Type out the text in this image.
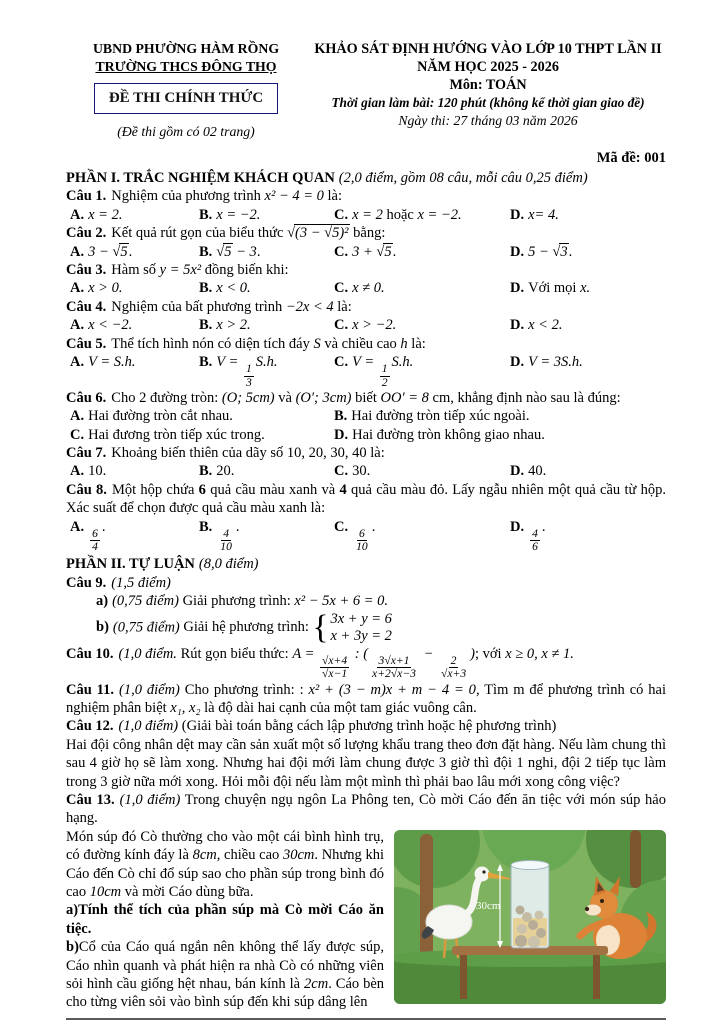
UBND PHƯỜNG HÀM RỒNG
TRƯỜNG THCS ĐÔNG THỌ
ĐỀ THI CHÍNH THỨC
(Đề thi gồm có 02 trang)
KHẢO SÁT ĐỊNH HƯỚNG VÀO LỚP 10 THPT LẦN II
NĂM HỌC 2025 - 2026
Môn: TOÁN
Thời gian làm bài: 120 phút (không kể thời gian giao đề)
Ngày thi: 27 tháng 03 năm 2026
Mã đề: 001

PHẦN I. TRẮC NGHIỆM KHÁCH QUAN (2,0 điểm, gồm 08 câu, mỗi câu 0,25 điểm)

Câu 1. Nghiệm của phương trình x² − 4 = 0 là:

A. x = 2.	B. x = −2.	C. x = 2 hoặc x = −2.	D. x= 4.

Câu 2. Kết quả rút gọn của biểu thức √(3 − √5)² bằng:

A. 3 − √5.	B. √5 − 3.	C. 3 + √5.	D. 5 − √3.

Câu 3. Hàm số y = 5x² đồng biến khi:

A. x > 0.	B. x < 0.	C. x ≠ 0.	D. Với mọi x.

Câu 4. Nghiệm của bất phương trình −2x < 4 là:

A. x < −2.	B. x > 2.	C. x > −2.	D. x < 2.

Câu 5. Thể tích hình nón có diện tích đáy S và chiều cao h là:

A. V = S.h.	B. V =
$\frac{1}{3}$
S.h.	C. V =
$\frac{1}{2}$
S.h.	D. V = 3S.h.

Câu 6. Cho 2 đường tròn: (O; 5cm) và (O′; 3cm) biết OO′ = 8 cm, khẳng định nào sau là đúng:

A. Hai đường tròn cắt nhau.	B. Hai đường tròn tiếp xúc ngoài.
C. Hai đương tròn tiếp xúc trong.	D. Hai đường tròn không giao nhau.

Câu 7. Khoảng biến thiên của dãy số 10, 20, 30, 40 là:

A. 10.	B. 20.	C. 30.	D. 40.

Câu 8. Một hộp chứa 6 quả cầu màu xanh và 4 quả cầu màu đỏ. Lấy ngẫu nhiên một quả cầu từ hộp. Xác suất để chọn được quả cầu màu xanh là:

A.
$\frac{6}{4}$
.	B.
$\frac{4}{10}$
.	C.
$\frac{6}{10}$
.	D.
$\frac{4}{6}$
.

PHẦN II. TỰ LUẬN (8,0 điểm)

Câu 9. (1,5 điểm)

a) (0,75 điểm) Giải phương trình: x² − 5x + 6 = 0.

b) (0,75 điểm) Giải hệ phương trình: { 3x + y = 6
x + 3y = 2

Câu 10. (1,0 điểm. Rút gọn biểu thức: A =
$\frac{√x+4}{√x-1}$
: (
$\frac{3√x+1}{x+2√x-3}$
−
$\frac{2}{√x+3}$
); với x ≥ 0, x ≠ 1.

Câu 11. (1,0 điểm) Cho phương trình: : x² + (3 − m)x + m − 4 = 0, Tìm m để phương trình có hai nghiệm phân biệt x₁, x₂ là độ dài hai cạnh của một tam giác vuông cân.

Câu 12. (1,0 điểm) (Giải bài toán bằng cách lập phương trình hoặc hệ phương trình)

Hai đội công nhân dệt may cần sản xuất một số lượng khẩu trang theo đơn đặt hàng. Nếu làm chung thì sau 4 giờ họ sẽ làm xong. Nhưng hai đội mới làm chung được 3 giờ thì đội 1 nghi, đội 2 tiếp tục làm trong 3 giờ nữa mới xong. Hỏi mỗi đội nếu làm một mình thì phải bao lâu mới xong công việc?

Câu 13. (1,0 điểm) Trong chuyện ngụ ngôn La Phông ten, Cò mời Cáo đến ăn tiệc với món súp hảo hạng.

30cm

Món súp đó Cò thường cho vào một cái bình hình trụ, có đường kính đáy là 8cm, chiều cao 30cm. Nhưng khi Cáo đến Cò chỉ đổ súp sao cho phần súp trong bình đó cao 10cm và mời Cáo dùng bữa.

a)Tính thể tích của phần súp mà Cò mời Cáo ăn tiệc.

b)Cổ của Cáo quá ngắn nên không thể lấy được súp, Cáo nhìn quanh và phát hiện ra nhà Cò có những viên sỏi hình cầu giống hệt nhau, bán kính là 2cm. Cáo bèn cho từng viên sỏi vào bình súp đến khi súp dâng lên
